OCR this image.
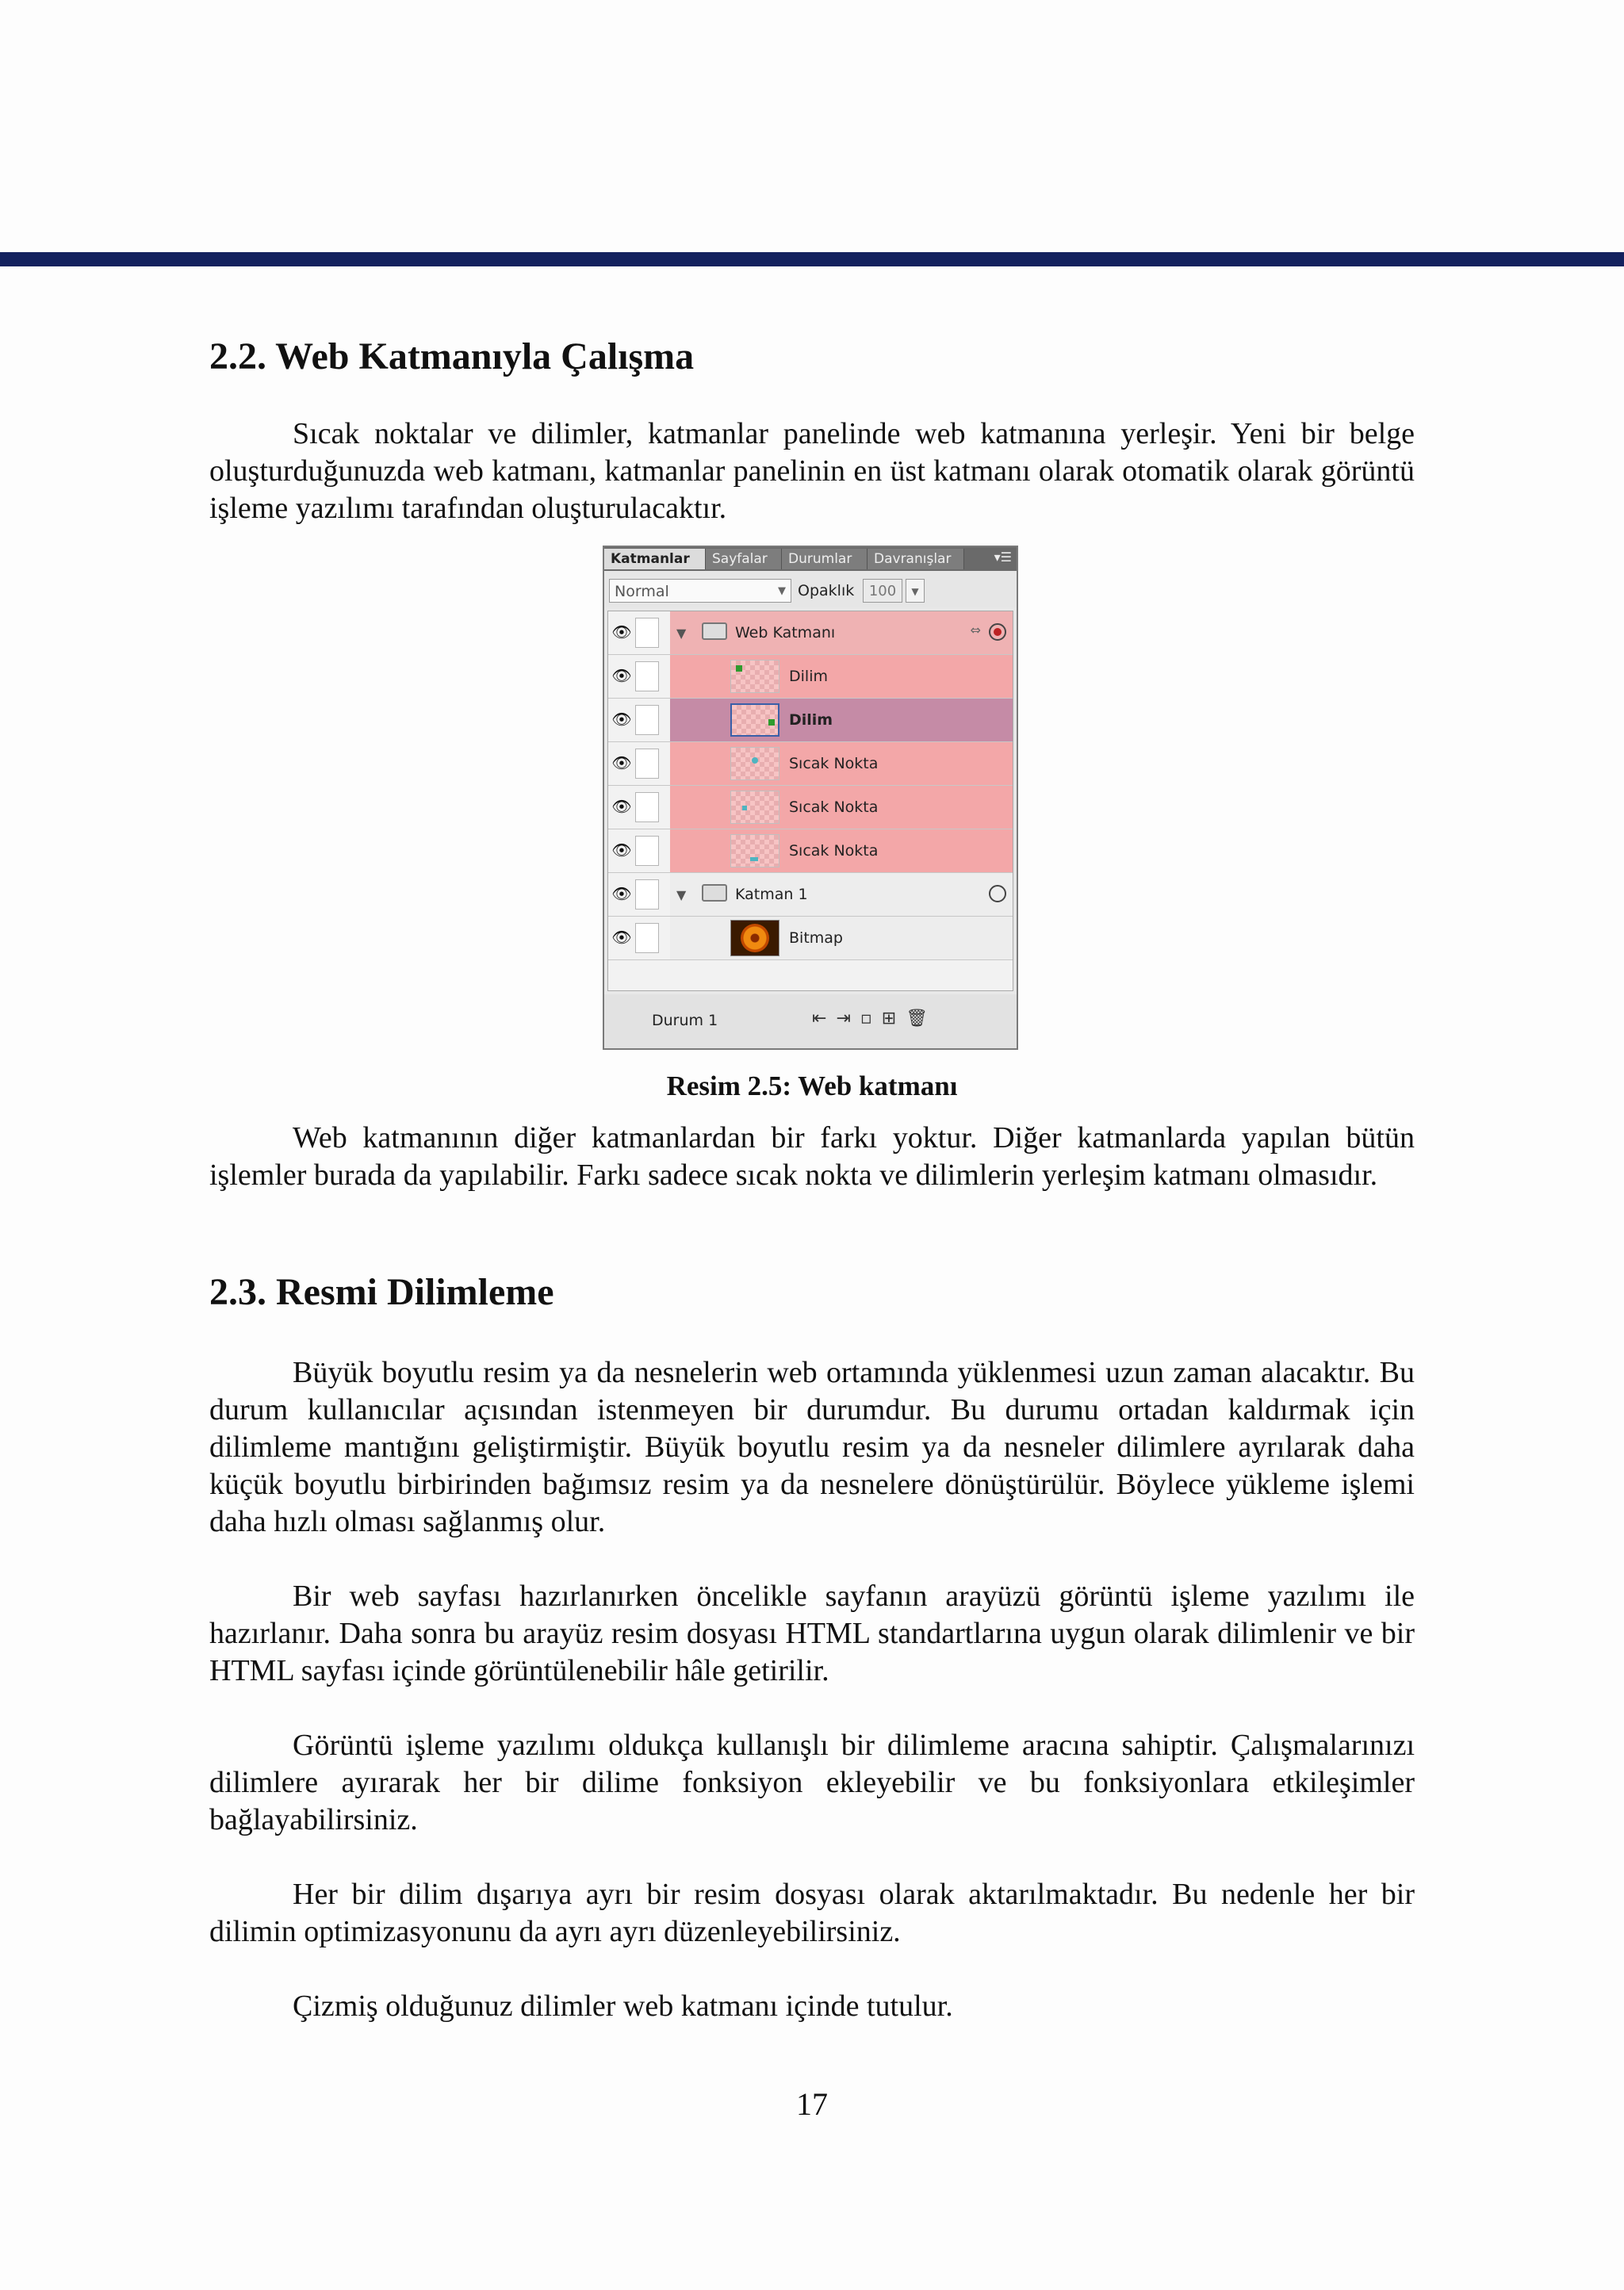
2.2. Web Katmanıyla Çalışma

Sıcak noktalar ve dilimler, katmanlar panelinde web katmanına yerleşir. Yeni bir belge oluşturduğunuzda web katmanı, katmanlar panelinin en üst katmanı olarak otomatik olarak görüntü işleme yazılımı tarafından oluşturulacaktır.

Katmanlar	Sayfalar	Durumlar	Davranışlar	▾☰
Normal	▼ Opaklık	100	▼
👁	▼	Web Katmanı	⇔
👁	Dilim
👁	Dilim
👁	Sıcak Nokta
👁	Sıcak Nokta
👁	Sıcak Nokta
👁	▼	Katman 1
👁	Bitmap
Durum 1	⇤⇥▫⊞🗑
Resim 2.5: Web katmanı

Web katmanının diğer katmanlardan bir farkı yoktur. Diğer katmanlarda yapılan bütün işlemler burada da yapılabilir. Farkı sadece sıcak nokta ve dilimlerin yerleşim katmanı olmasıdır.

2.3. Resmi Dilimleme

Büyük boyutlu resim ya da nesnelerin web ortamında yüklenmesi uzun zaman alacaktır. Bu durum kullanıcılar açısından istenmeyen bir durumdur. Bu durumu ortadan kaldırmak için dilimleme mantığını geliştirmiştir. Büyük boyutlu resim ya da nesneler dilimlere ayrılarak daha küçük boyutlu birbirinden bağımsız resim ya da nesnelere dönüştürülür. Böylece yükleme işlemi daha hızlı olması sağlanmış olur.

Bir web sayfası hazırlanırken öncelikle sayfanın arayüzü görüntü işleme yazılımı ile hazırlanır. Daha sonra bu arayüz resim dosyası HTML standartlarına uygun olarak dilimlenir ve bir HTML sayfası içinde görüntülenebilir hâle getirilir.

Görüntü işleme yazılımı oldukça kullanışlı bir dilimleme aracına sahiptir. Çalışmalarınızı dilimlere ayırarak her bir dilime fonksiyon ekleyebilir ve bu fonksiyonlara etkileşimler bağlayabilirsiniz.

Her bir dilim dışarıya ayrı bir resim dosyası olarak aktarılmaktadır. Bu nedenle her bir dilimin optimizasyonunu da ayrı ayrı düzenleyebilirsiniz.

Çizmiş olduğunuz dilimler web katmanı içinde tutulur.

17
